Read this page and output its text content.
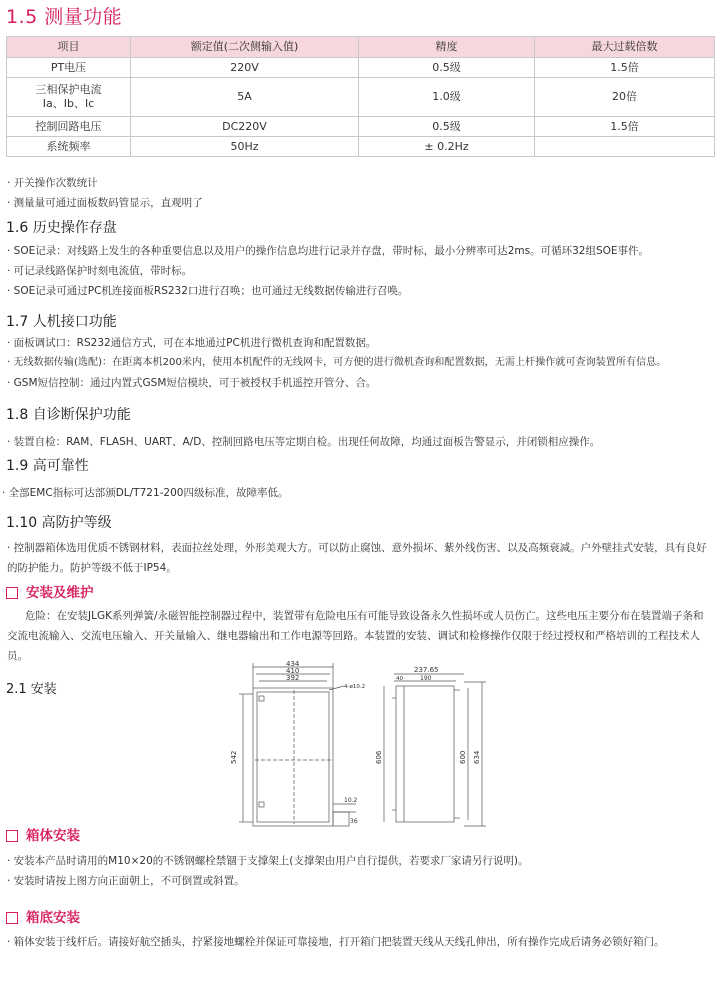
1.5 测量功能
项目	额定值(二次侧输入值)	精度	最大过载倍数
PT电压	220V	0.5级	1.5倍

三相保护电流
Ia、Ib、Ic	5A	1.0级	20倍
控制回路电压	DC220V	0.5级	1.5倍
系统频率	50Hz	± 0.2Hz	

· 开关操作次数统计

· 测量量可通过面板数码管显示，直观明了

1.6 历史操作存盘

· SOE记录：对线路上发生的各种重要信息以及用户的操作信息均进行记录并存盘，带时标，最小分辨率可达2ms。可循环32组SOE事件。

· 可记录线路保护时刻电流值，带时标。

· SOE记录可通过PC机连接面板RS232口进行召唤；也可通过无线数据传输进行召唤。

1.7 人机接口功能

· 面板调试口：RS232通信方式，可在本地通过PC机进行微机查询和配置数据。

· 无线数据传输(选配)：在距离本机200米内，使用本机配件的无线网卡，可方便的进行微机查询和配置数据，无需上杆操作就可查询装置所有信息。

· GSM短信控制：通过内置式GSM短信模块，可于被授权手机遥控开管分、合。

1.8 自诊断保护功能

· 装置自检：RAM、FLASH、UART、A/D、控制回路电压等定期自检。出现任何故障，均通过面板告警显示，并闭锁相应操作。

1.9 高可靠性

· 全部EMC指标可达部颁DL/T721-200四级标准，故障率低。

1.10 高防护等级

· 控制器箱体选用优质不锈钢材料，表面拉丝处理，外形美观大方。可以防止腐蚀、意外损坏、紫外线伤害、以及高频衰减。户外壁挂式安装，具有良好的防护能力。防护等级不低于IP54。

安装及维护

危险：在安装JLGK系列弹簧/永磁智能控制器过程中，装置带有危险电压有可能导致设备永久性损坏或人员伤亡。这些电压主要分布在装置端子条和交流电流输入、交流电压输入、开关量输入、继电器输出和工作电源等回路。本装置的安装、调试和检修操作仅限于经过授权和严格培训的工程技术人员。

2.1 安装
434
410
392
4-ø10.2
542
10.2
36
237.65
40	190
606	600 634
箱体安装

· 安装本产品时请用的M10×20的不锈钢螺栓禁锢于支撑架上(支撑架由用户自行提供，若要求厂家请另行说明)。

· 安装时请按上图方向正面朝上，不可倒置或斜置。

箱底安装

· 箱体安装于线杆后。请接好航空插头，拧紧接地螺栓并保证可靠接地，打开箱门把装置天线从天线孔伸出，所有操作完成后请务必锁好箱门。
